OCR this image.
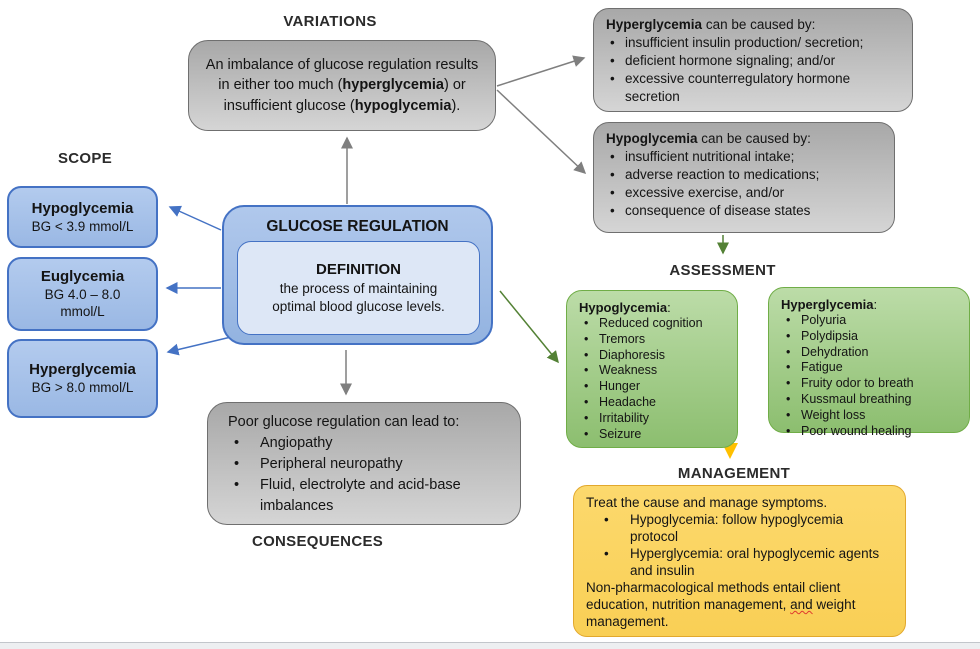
VARIATIONS
SCOPE
CONSEQUENCES
ASSESSMENT
MANAGEMENT
An imbalance of glucose regulation results in either too much (hyperglycemia) or insufficient glucose (hypoglycemia).
Hyperglycemia can be caused by:
• insufficient insulin production/ secretion;
• deficient hormone signaling; and/or
• excessive counterregulatory hormone secretion
Hypoglycemia can be caused by:
• insufficient nutritional intake;
• adverse reaction to medications;
• excessive exercise, and/or
• consequence of disease states
Hypoglycemia
BG < 3.9 mmol/L
Euglycemia
BG 4.0 – 8.0 mmol/L
Hyperglycemia
BG > 8.0 mmol/L
GLUCOSE REGULATION
DEFINITION
the process of maintaining optimal blood glucose levels.
Poor glucose regulation can lead to:
• Angiopathy
• Peripheral neuropathy
• Fluid, electrolyte and acid-base imbalances
Hypoglycemia:
• Reduced cognition
• Tremors
• Diaphoresis
• Weakness
• Hunger
• Headache
• Irritability
• Seizure
Hyperglycemia:
• Polyuria
• Polydipsia
• Dehydration
• Fatigue
• Fruity odor to breath
• Kussmaul breathing
• Weight loss
• Poor wound healing
Treat the cause and manage symptoms.
• Hypoglycemia: follow hypoglycemia protocol
• Hyperglycemia: oral hypoglycemic agents and insulin
Non-pharmacological methods entail client education, nutrition management, and weight management.
